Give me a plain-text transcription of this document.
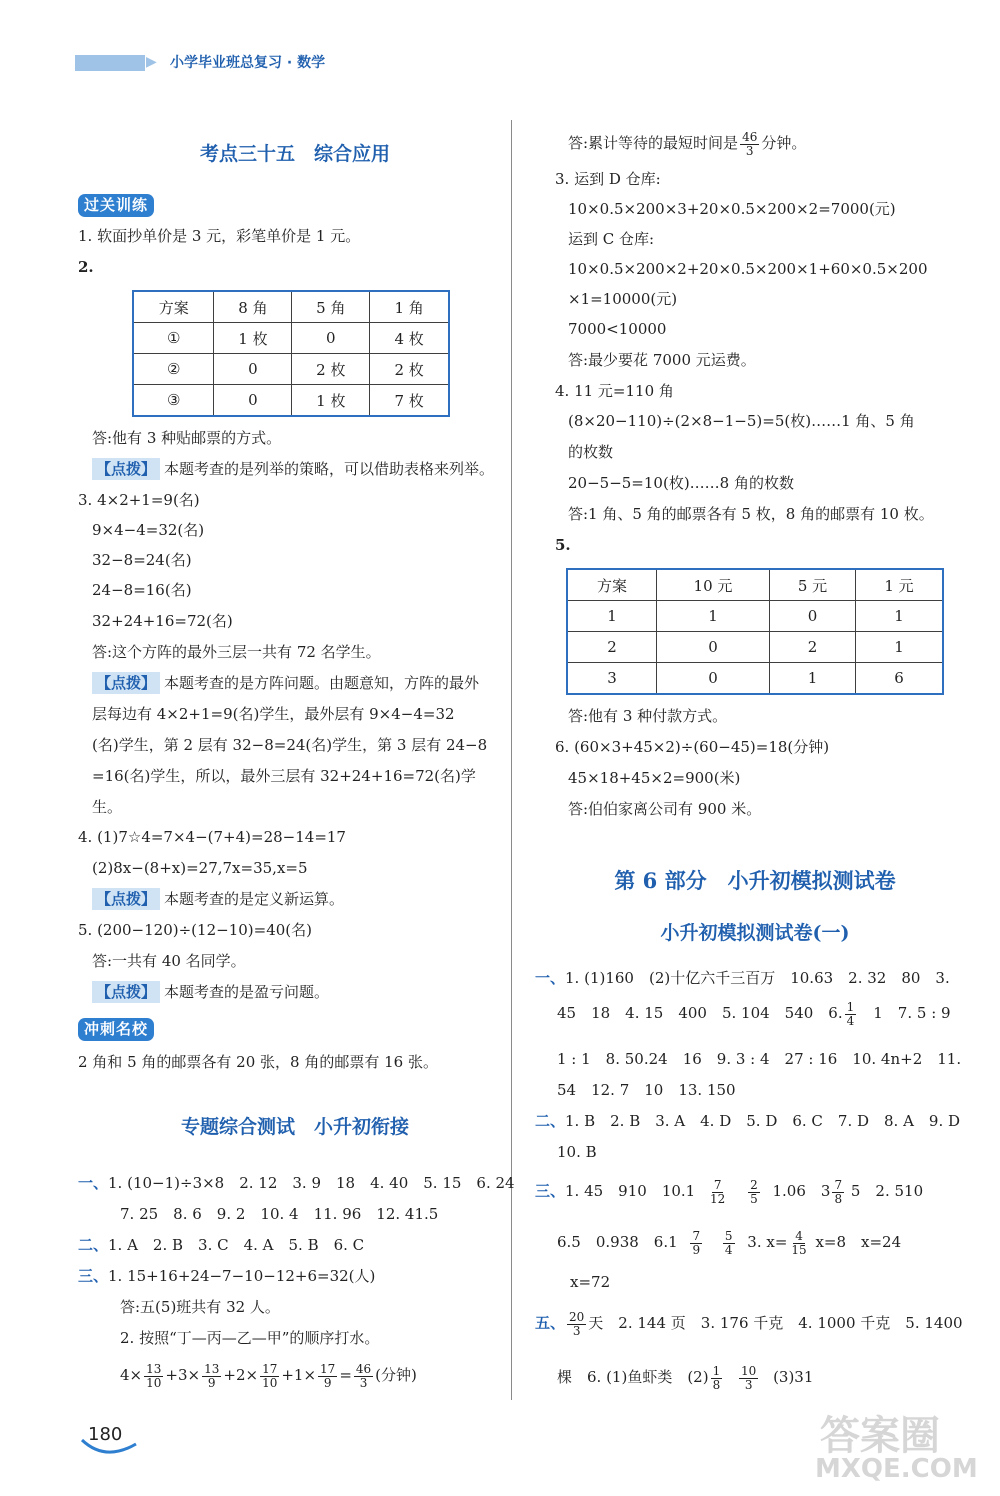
▶ 小学毕业班总复习 · 数学
考点三十五　综合应用
过关训练
1. 软面抄单价是 3 元，彩笔单价是 1 元。
2.
方案	8 角	5 角	1 角
①	1 枚	0	4 枚
②	0	2 枚	2 枚
③	0	1 枚	7 枚
答:他有 3 种贴邮票的方式。
【点拨】 本题考查的是列举的策略，可以借助表格来列举。
3. 4×2+1=9(名)
9×4−4=32(名)
32−8=24(名)
24−8=16(名)
32+24+16=72(名)
答:这个方阵的最外三层一共有 72 名学生。
【点拨】 本题考查的是方阵问题。由题意知，方阵的最外
层每边有 4×2+1=9(名)学生，最外层有 9×4−4=32
(名)学生，第 2 层有 32−8=24(名)学生，第 3 层有 24−8
=16(名)学生，所以，最外三层有 32+24+16=72(名)学
生。
4. (1)7☆4=7×4−(7+4)=28−14=17
(2)8x−(8+x)=27,7x=35,x=5
【点拨】 本题考查的是定义新运算。
5. (200−120)÷(12−10)=40(名)
答:一共有 40 名同学。
【点拨】 本题考查的是盈亏问题。
冲刺名校
2 角和 5 角的邮票各有 20 张，8 角的邮票有 16 张。
专题综合测试　小升初衔接
一、1. (10−1)÷3×8　2. 12　3. 9　18　4. 40　5. 15　6. 24
7. 25　8. 6　9. 2　10. 4　11. 96　12. 41.5
二、1. A　2. B　3. C　4. A　5. B　6. C
三、1. 15+16+24−7−10−12+6=32(人)
答:五(5)班共有 32 人。
2. 按照“丁—丙—乙—甲”的顺序打水。
$4\times \frac{13}{10} +3\times \frac{13}{9} +2\times \frac{17}{10} +1\times \frac{17}{9} = \frac{46}{3}$ (分钟)
180
答:累计等待的最短时间是 $\frac{46}{3}$ 分钟。
3. 运到 D 仓库:
10×0.5×200×3+20×0.5×200×2=7000(元)
运到 C 仓库:
10×0.5×200×2+20×0.5×200×1+60×0.5×200
×1=10000(元)
7000<10000
答:最少要花 7000 元运费。
4. 11 元=110 角
(8×20−110)÷(2×8−1−5)=5(枚)……1 角、5 角
的枚数
20−5−5=10(枚)……8 角的枚数
答:1 角、5 角的邮票各有 5 枚，8 角的邮票有 10 枚。
5.
方案	10 元	5 元	1 元
1	1	0	1
2	0	2	1
3	0	1	6
答:他有 3 种付款方式。
6. (60×3+45×2)÷(60−45)=18(分钟)
45×18+45×2=900(米)
答:伯伯家离公司有 900 米。
第 6 部分　小升初模拟测试卷
小升初模拟测试卷(一)
一、1. (1)160　(2)十亿六千三百万　10.63　2. 32　80　3.
45　18　4. 15　400　5. 104　540　6. $\frac{1}{4}$ 　1　7. 5 : 9
1 : 1　8. 50.24　16　9. 3 : 4　27 : 16　10. 4n+2　11.
54　12. 7　10　13. 150
二、1. B　2. B　3. A　4. D　5. D　6. C　7. D　8. A　9. D
10. B
三、1. 45　910　$10.1 \frac{7}{12}$
$\frac{2}{5} 1.06$　$3 \frac{7}{8} 5$　2. 510
6.5　0.938　$6.1 \frac{7}{9}$
$\frac{5}{4} 3$. $x= \frac{4}{15} x=8$　x=24
x=72
五、 $\frac{20}{3}$ 天　2. 144 页　3. 176 千克　4. 1000 千克　5. 1400
棵　6. (1)鱼虾类　$(2) \frac{1}{8}$
$\frac{10}{3} (3)31$
答案圈
MXQE.COM
